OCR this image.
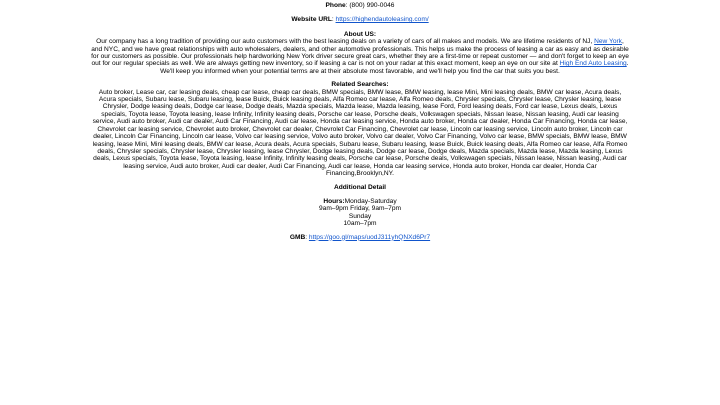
Phone: (800) 990-0046

Website URL: https://highendautoleasing.com/

About US:

Our company has a long tradition of providing our auto customers with the best leasing deals on a variety of cars of all makes and models. We are lifetime residents of NJ, New York, and NYC, and we have great relationships with auto wholesalers, dealers, and other automotive professionals. This helps us make the process of leasing a car as easy and as desirable for our customers as possible. Our professionals help hardworking New York driver secure great cars, whether they are a first-time or repeat customer — and don't forget to keep an eye out for our regular specials as well. We are always getting new inventory, so if leasing a car is not on your radar at this exact moment, keep an eye on our site at High End Auto Leasing. We'll keep you informed when your potential terms are at their absolute most favorable, and we'll help you find the car that suits you best.

Related Searches:

Auto broker, Lease car, car leasing deals, cheap car lease, cheap car deals, BMW specials, BMW lease, BMW leasing, lease Mini, Mini leasing deals, BMW car lease, Acura deals, Acura specials, Subaru lease, Subaru leasing, lease Buick, Buick leasing deals, Alfa Romeo car lease, Alfa Romeo deals, Chrysler specials, Chrysler lease, Chrysler leasing, lease Chrysler, Dodge leasing deals, Dodge car lease, Dodge deals, Mazda specials, Mazda lease, Mazda leasing, lease Ford, Ford leasing deals, Ford car lease, Lexus deals, Lexus specials, Toyota lease, Toyota leasing, lease Infinity, Infinity leasing deals, Porsche car lease, Porsche deals, Volkswagen specials, Nissan lease, Nissan leasing, Audi car leasing service, Audi auto broker, Audi car dealer, Audi Car Financing, Audi car lease, Honda car leasing service, Honda auto broker, Honda car dealer, Honda Car Financing, Honda car lease, Chevrolet car leasing service, Chevrolet auto broker, Chevrolet car dealer, Chevrolet Car Financing, Chevrolet car lease, Lincoln car leasing service, Lincoln auto broker, Lincoln car dealer, Lincoln Car Financing, Lincoln car lease, Volvo car leasing service, Volvo auto broker, Volvo car dealer, Volvo Car Financing, Volvo car lease, BMW specials, BMW lease, BMW leasing, lease Mini, Mini leasing deals, BMW car lease, Acura deals, Acura specials, Subaru lease, Subaru leasing, lease Buick, Buick leasing deals, Alfa Romeo car lease, Alfa Romeo deals, Chrysler specials, Chrysler lease, Chrysler leasing, lease Chrysler, Dodge leasing deals, Dodge car lease, Dodge deals, Mazda specials, Mazda lease, Mazda leasing, Lexus deals, Lexus specials, Toyota lease, Toyota leasing, lease Infinity, Infinity leasing deals, Porsche car lease, Porsche deals, Volkswagen specials, Nissan lease, Nissan leasing, Audi car leasing service, Audi auto broker, Audi car dealer, Audi Car Financing, Audi car lease, Honda car leasing service, Honda auto broker, Honda car dealer, Honda Car Financing,Brooklyn,NY.

Additional Detail

Hours:Monday-Saturday

9am–9pm Friday, 9am–7pm

Sunday

10am–7pm

GMB: https://goo.gl/maps/uodJ311yhQNXd6Pr7
